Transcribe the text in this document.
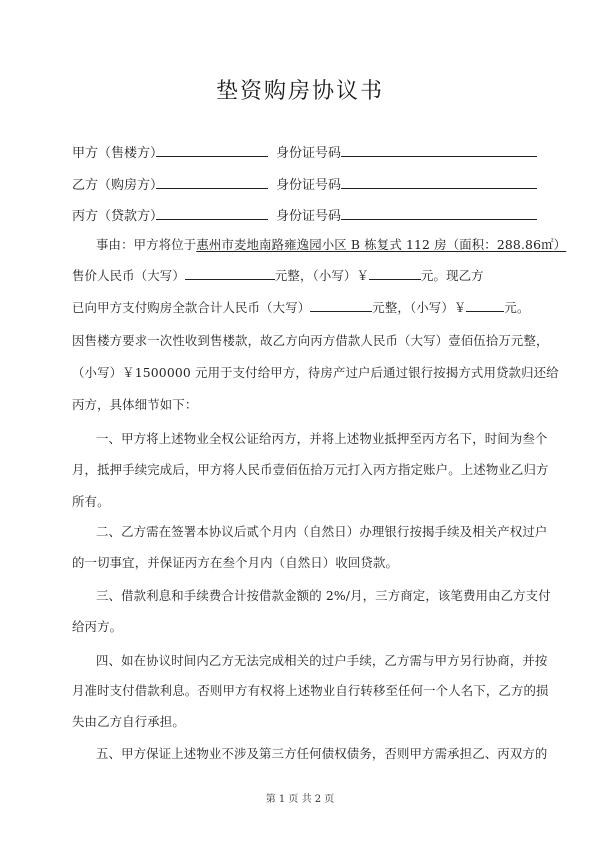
垫资购房协议书
甲方（售楼方）	身份证号码
乙方（购房方）	身份证号码
丙方（贷款方）	身份证号码
事由：甲方将位于惠州市麦地南路雍逸园小区 B 栋复式 112 房（面积：288.86㎡）
售价人民币（大写）	元整，（小写）￥	元。现乙方
已向甲方支付购房全款合计人民币（大写）	元整，（小写）￥	元。
因售楼方要求一次性收到售楼款，故乙方向丙方借款人民币（大写）壹佰伍拾万元整，
（小写）￥1500000 元用于支付给甲方，待房产过户后通过银行按揭方式用贷款归还给
丙方，具体细节如下：
一、甲方将上述物业全权公证给丙方，并将上述物业抵押至丙方名下，时间为叁个
月，抵押手续完成后，甲方将人民币壹佰伍拾万元打入丙方指定账户。上述物业乙归方
所有。
二、乙方需在签署本协议后贰个月内（自然日）办理银行按揭手续及相关产权过户
的一切事宜，并保证丙方在叁个月内（自然日）收回贷款。
三、借款利息和手续费合计按借款金额的 2%/月，三方商定，该笔费用由乙方支付
给丙方。
四、如在协议时间内乙方无法完成相关的过户手续，乙方需与甲方另行协商，并按
月准时支付借款利息。否则甲方有权将上述物业自行转移至任何一个人名下，乙方的损
失由乙方自行承担。
五、甲方保证上述物业不涉及第三方任何债权债务，否则甲方需承担乙、丙双方的
第 1 页 共 2 页
